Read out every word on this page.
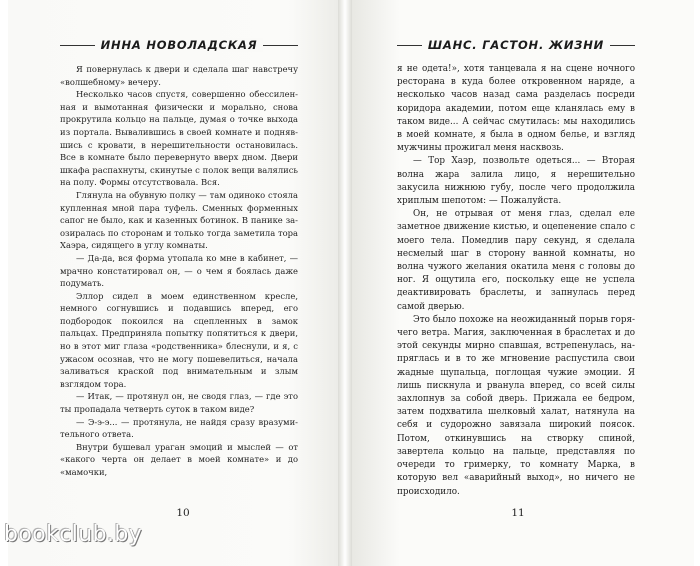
ИННА НОВОЛАДСКАЯ

Я повернулась к двери и сделала шаг навстречу «волшебному» вечеру.

Несколько часов спустя, совершенно обессиленная и вымотанная физически и морально, снова прокрутила кольцо на пальце, думая о точке выхода из портала. Вывалившись в своей комнате и поднявшись с кровати, в нерешительности остановилась. Все в комнате было перевернуто вверх дном. Двери шкафа распахнуты, скинутые с полок вещи валялись на полу. Формы отсутствовала. Вся.

Глянула на обувную полку — там одиноко стояла купленная мной пара туфель. Сменных форменных сапог не было, как и казенных ботинок. В панике заозиралась по сторонам и только тогда заметила тора Хаэра, сидящего в углу комнаты.

— Да-да, вся форма утопала ко мне в кабинет, — мрачно констатировал он, — о чем я боялась даже подумать.

Эллор сидел в моем единственном кресле, немного согнувшись и подавшись вперед, его подбородок покоился на сцепленных в замок пальцах. Предприняла попытку попятиться к двери, но в этот миг глаза «родственника» блеснули, и я, с ужасом осознав, что не могу пошевелиться, начала заливаться краской под внимательным и злым взглядом тора.

— Итак, — протянул он, не сводя глаз, — где это ты пропадала четверть суток в таком виде?

— Э-э-э... — протянула, не найдя сразу вразумительного ответа.

Внутри бушевал ураган эмоций и мыслей — от «какого черта он делает в моей комнате» и до «мамочки,

10
ШАНС. ГАСТОН. ЖИЗНИ

я не одета!», хотя танцевала я на сцене ночного ресторана в куда более откровенном наряде, а несколько часов назад сама разделась посреди коридора академии, потом еще кланялась ему в таком виде... А сейчас смутилась: мы находились в моей комнате, я была в одном белье, и взгляд мужчины прожигал меня насквозь.

— Тор Хаэр, позвольте одеться... — Вторая волна жара залила лицо, я нерешительно закусила нижнюю губу, после чего продолжила хриплым шепотом: — Пожалуйста.

Он, не отрывая от меня глаз, сделал еле заметное движение кистью, и оцепенение спало с моего тела. Помедлив пару секунд, я сделала несмелый шаг в сторону ванной комнаты, но волна чужого желания окатила меня с головы до ног. Я ощутила его, поскольку еще не успела деактивировать браслеты, и запнулась перед самой дверью.

Это было похоже на неожиданный порыв горячего ветра. Магия, заключенная в браслетах и до этой секунды мирно спавшая, встрепенулась, напряглась и в то же мгновение распустила свои жадные щупальца, поглощая чужие эмоции. Я лишь пискнула и рванула вперед, со всей силы захлопнув за собой дверь. Прижала ее бедром, затем подхватила шелковый халат, натянула на себя и судорожно завязала широкий поясок. Потом, откинувшись на створку спиной, завертела кольцо на пальце, представляя по очереди то гримерку, то комнату Марка, в которую вел «аварийный выход», но ничего не происходило.

11
bookclub.by
